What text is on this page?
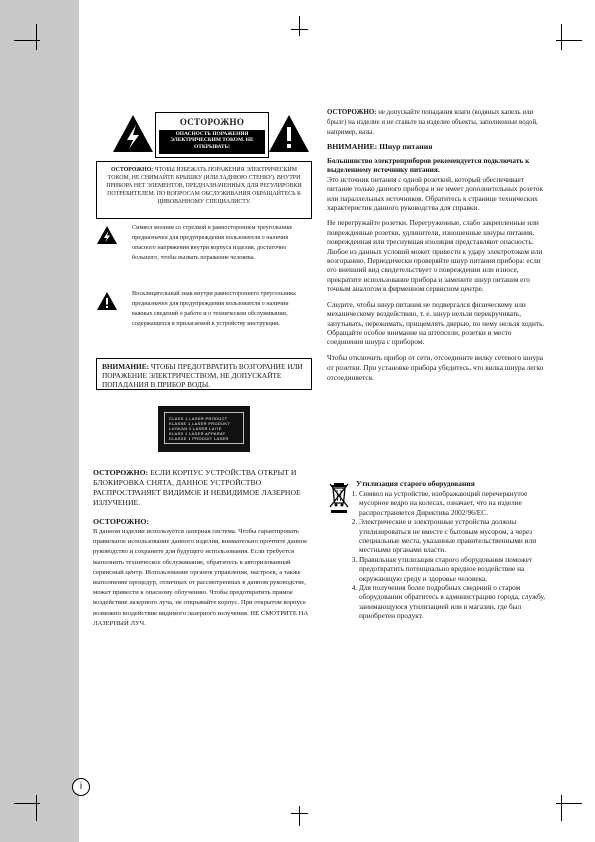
ОСТОРОЖНО
ОПАСНОСТЬ ПОРАЖЕНИЯ ЭЛЕКТРИЧЕСКИМ ТОКОМ. НЕ ОТКРЫВАТЬ!
ОСТОРОЖНО: ЧТОБЫ ИЗБЕЖАТЬ ПОРАЖЕНИЯ ЭЛЕКТРИЧЕСКИМ ТОКОМ, НЕ СНИМАЙТЕ КРЫШКУ (ИЛИ ЗАДНЮЮ СТЕНКУ). ВНУТРИ ПРИБОРА НЕТ ЭЛЕМЕНТОВ, ПРЕДНАЗНАЧЕННЫХ ДЛЯ РЕГУЛИРОВКИ ПОТРЕБИТЕЛЕМ. ПО ВОПРОСАМ ОБСЛУЖИВАНИЯ ОБРАЩАЙТЕСЬ К ЦИВОВАННОМУ СПЕЦИАЛИСТУ.
Символ молнии со стрелкой в равностороннем треугольнике предназначен для предупреждения пользователя о наличия опасного напряжения внутри корпуса изделия, достаточно большого, чтобы вызвать поражение человека.
Восклицательный знак внутри равностороннего треугольника предназначен для предупреждения пользователя о наличии важных сведений о работе и о техническом обслуживании, содержащихся в прилагаемой к устройству инструкции.
ВНИМАНИЕ: ЧТОБЫ ПРЕДОТВРАТИТЬ ВОЗГОРАНИЕ ИЛИ ПОРАЖЕНИЕ ЭЛЕКТРИЧЕСТВОМ, НЕ ДОПУСКАЙТЕ ПОПАДАНИЯ В ПРИБОР ВОДЫ.
CLASS 1 LASER PRODUCT
KLASSE 1 LASER PRODUKT
LUOKAN 1 LASER LAITE
KLASS 1 LASER APPARAT
CLASSE 1 PRODUIT LASER
ОСТОРОЖНО: ЕСЛИ КОРПУС УСТРОЙСТВА ОТКРЫТ И БЛОКИРОВКА СНЯТА, ДАННОЕ УСТРОЙСТВО РАСПРОСТРАНЯЕТ ВИДИМОЕ И НЕВИДИМОЕ ЛАЗЕРНОЕ ИЗЛУЧЕНИЕ.
ОСТОРОЖНО:

В данном изделии используется лазерная система. Чтобы гарантировать правильное использование данного изделия, внимательно прочтите данное руководство и сохраните для будущего использования. Если требуется выполнить техническое обслуживание, обратитесь в авторизованный сервисный центр. Использование органов управления, настроек, а также выполнение процедур, отличных от рассмотренных в данном руководстве, может привести к опасному облучению. Чтобы предотвратить прямое воздействие лазерного луча, не открывайте корпус. При открытом корпусе возможно воздействие видимого лазерного излучения. НЕ СМОТРИТЕ НА ЛАЗЕРНЫЙ ЛУЧ.

ОСТОРОЖНО: не допускайте попадания влаги (водяных капель или брызг) на изделие и не ставьте на изделие объекты, заполненные водой, например, вазы.
ВНИМАНИЕ: Шнур питания

Большинство электроприборов рекомендуется подключать к выделенному источнику питания.

Это источник питания с одной розеткой, который обеспечивает питание только данного прибора и не имеет дополнительных розеток или параллельных источников. Обратитесь к странице технических характеристик данного руководства для справки.

Не перегружайте розетки. Перегруженные, слабо закрепленные или поврежденные розетки, удлинители, изношенные шнуры питания, поврежденная или треснувшая изоляция представляют опасность. Любое из данных условий может привести к удару электротоком или возгоранию. Периодически проверяйте шнур питания прибора: если его внешний вид свидетельствует о повреждении или износе, прекратите использование прибора и замените шнур питания его точным аналогом в фирменном сервисном центре.

Следите, чтобы шнур питания не подвергался физическому или механическому воздействию, т. е. шнур нельзя перекручивать, запутывать, пережимать, прищемлять дверью, по нему нельзя ходить. Обращайте особое внимание на штепсели, розетки и место соединения шнура с прибором.

Чтобы отключить прибор от сети, отсоедините вилку сетевого шнура от розетки. При установке прибора убедитесь, что вилка шнура легко отсоединяется.

Утилизация старого оборудования
1. Символ на устройстве, изображающий перечеркнутое мусорное ведро на колесах, означает, что на изделие распространяется Директива 2002/96/EC.
2. Электрические и электронные устройства должны утилизироваться не вместе с бытовым мусором, а через специальные места, указанные правительственными или местными органами власти.
3. Правильная утилизация старого оборудования поможет предотвратить потенциально вредное воздействие на окружающую среду и здоровье человека.
4. Для получения более подробных сведений о старом оборудовании обратитесь в администрацию города, службу, занимающуюся утилизацией или в магазин, где был приобретен продукт.
i
